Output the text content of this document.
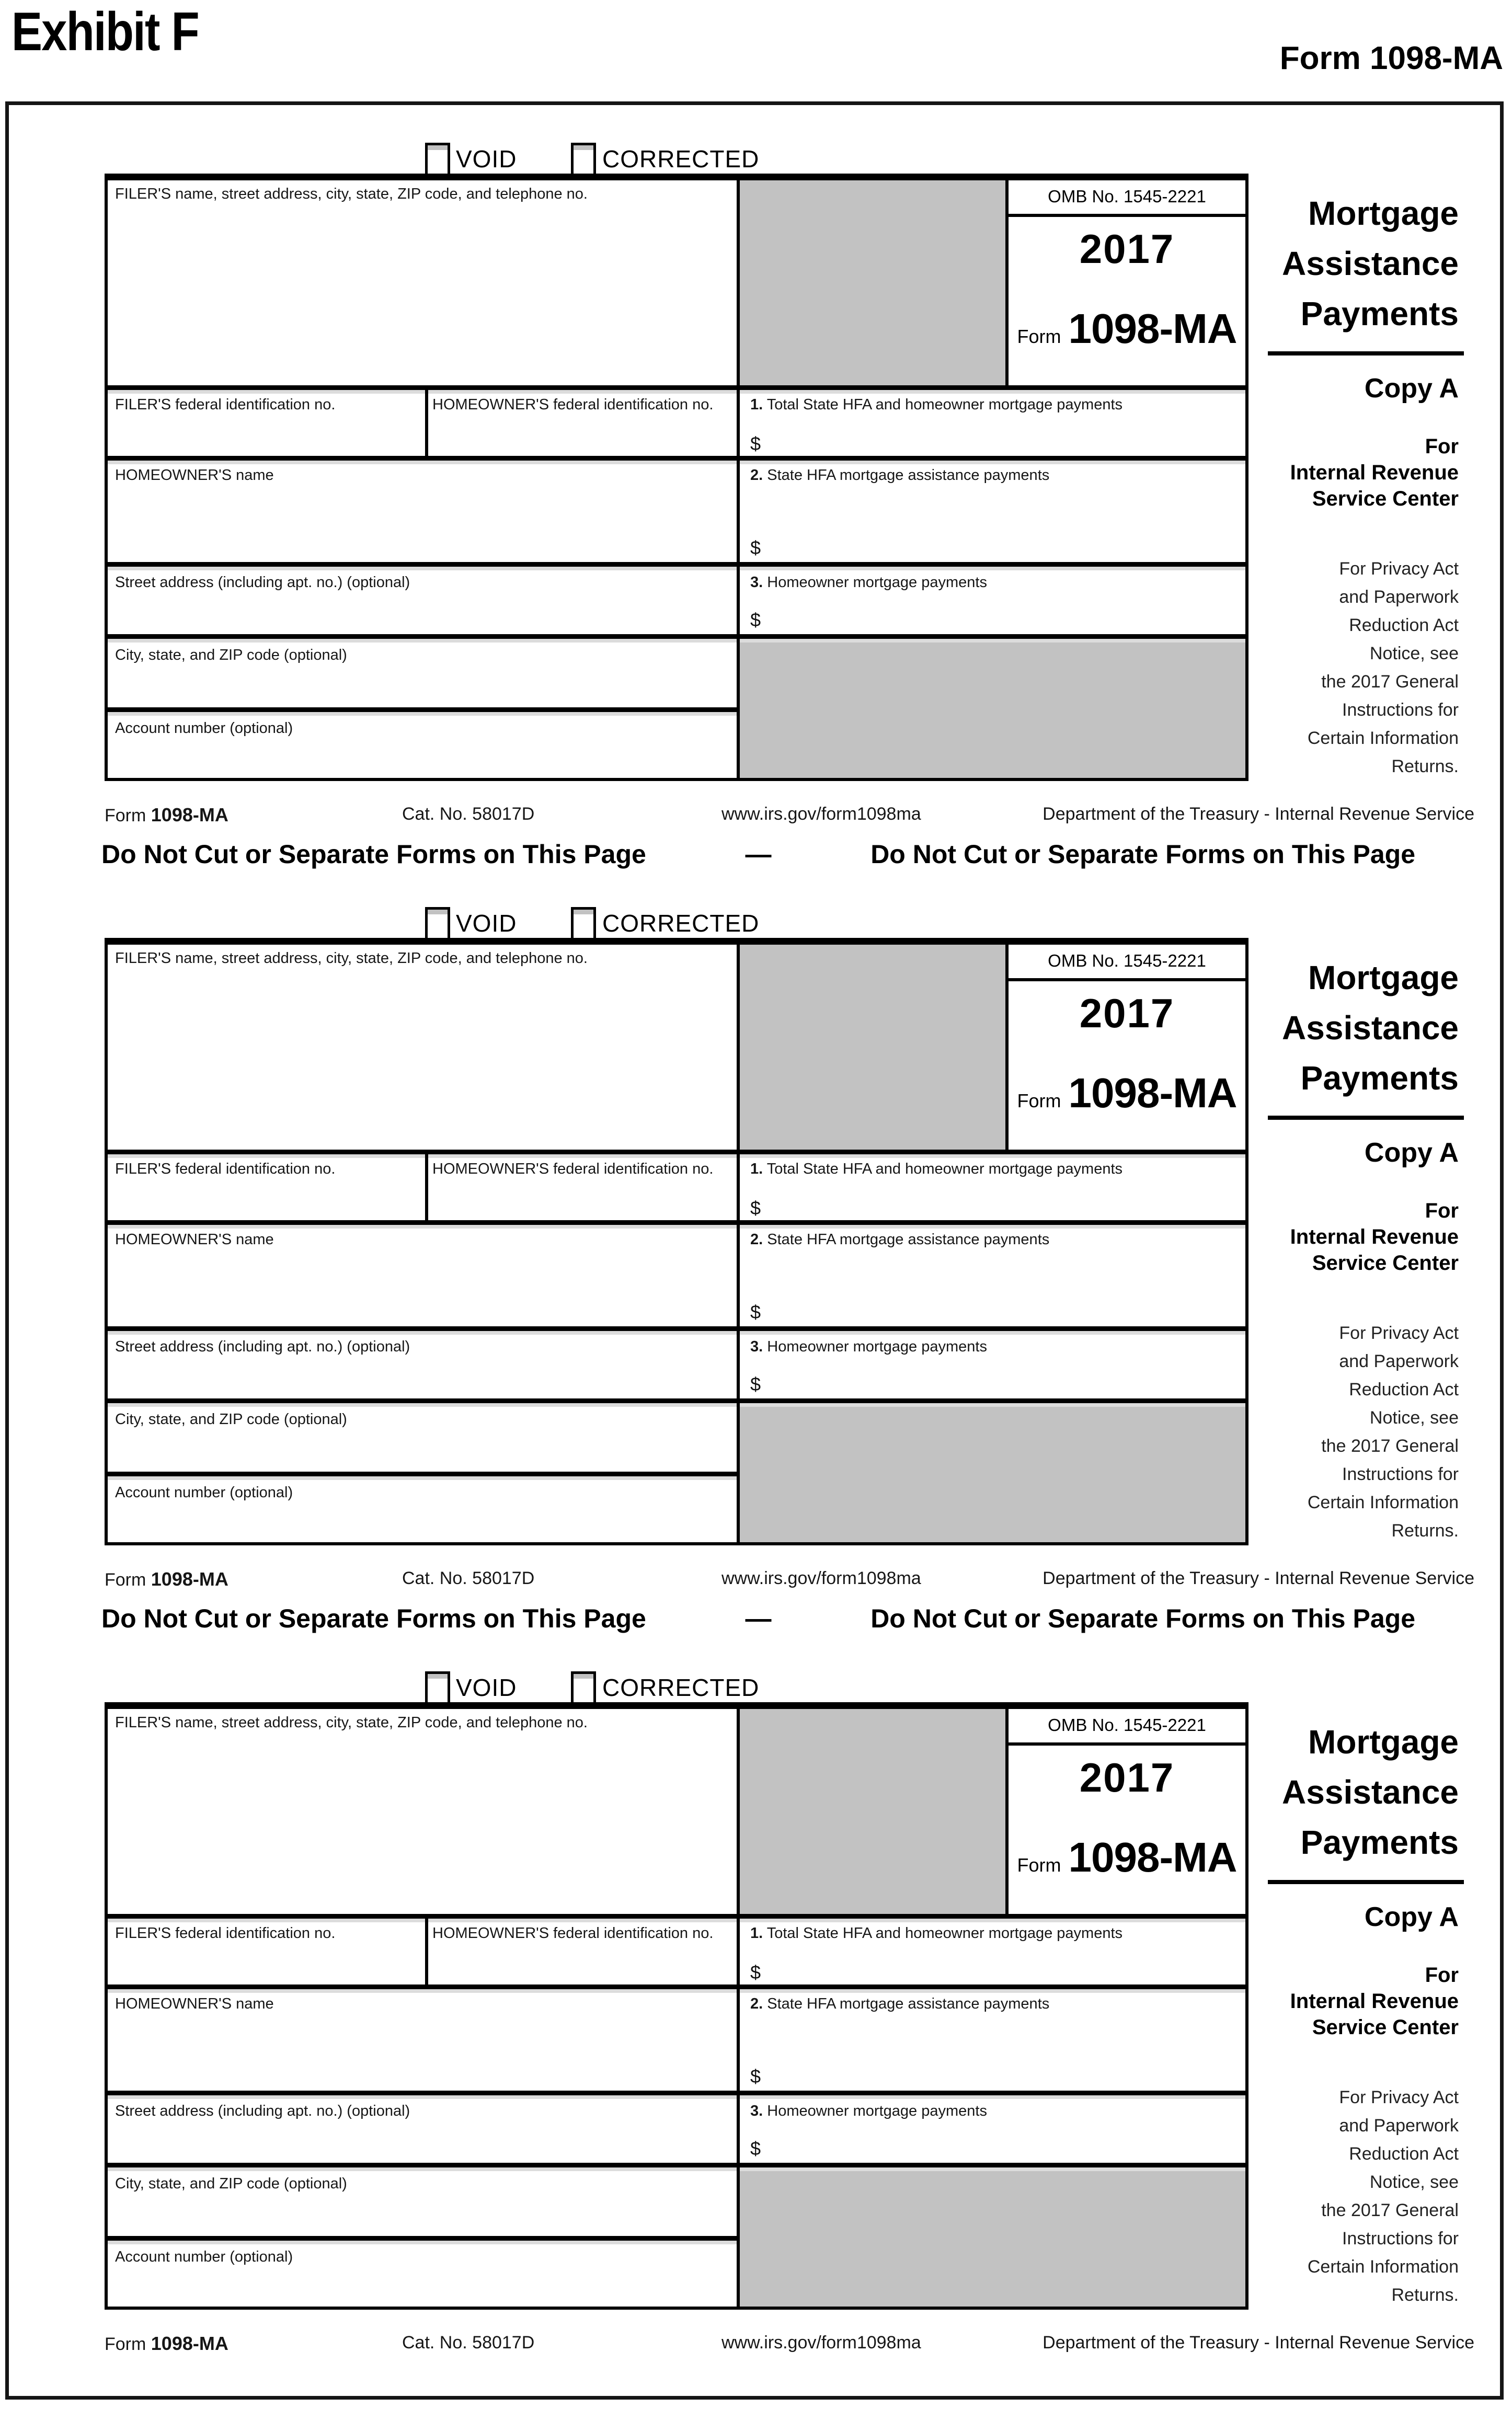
Exhibit F	Form 1098-MA
VOID	CORRECTED
FILER'S name, street address, city, state, ZIP code, and telephone no.
FILER'S federal identification no.	HOMEOWNER'S federal identification no.
HOMEOWNER'S name
Street address (including apt. no.) (optional)
City, state, and ZIP code (optional)
Account number (optional)
OMB No. 1545-2221
2017
Form 1098-MA
1. Total State HFA and homeowner mortgage payments
$
2. State HFA mortgage assistance payments
$
3. Homeowner mortgage payments
$
Mortgage
Assistance
Payments
Copy A
For
Internal Revenue
Service Center
For Privacy Act
and Paperwork
Reduction Act
Notice, see
the 2017 General
Instructions for
Certain Information
Returns.
Form 1098-MA	Cat. No. 58017D	www.irs.gov/form1098ma	Department of the Treasury - Internal Revenue Service
Do Not Cut or Separate Forms on This Page	—	Do Not Cut or Separate Forms on This Page
VOID	CORRECTED
FILER'S name, street address, city, state, ZIP code, and telephone no.
FILER'S federal identification no.	HOMEOWNER'S federal identification no.
HOMEOWNER'S name
Street address (including apt. no.) (optional)
City, state, and ZIP code (optional)
Account number (optional)
OMB No. 1545-2221
2017
Form 1098-MA
1. Total State HFA and homeowner mortgage payments
$
2. State HFA mortgage assistance payments
$
3. Homeowner mortgage payments
$
Mortgage
Assistance
Payments
Copy A
For
Internal Revenue
Service Center
For Privacy Act
and Paperwork
Reduction Act
Notice, see
the 2017 General
Instructions for
Certain Information
Returns.
Form 1098-MA	Cat. No. 58017D	www.irs.gov/form1098ma	Department of the Treasury - Internal Revenue Service
Do Not Cut or Separate Forms on This Page	—	Do Not Cut or Separate Forms on This Page
VOID	CORRECTED
FILER'S name, street address, city, state, ZIP code, and telephone no.
FILER'S federal identification no.	HOMEOWNER'S federal identification no.
HOMEOWNER'S name
Street address (including apt. no.) (optional)
City, state, and ZIP code (optional)
Account number (optional)
OMB No. 1545-2221
2017
Form 1098-MA
1. Total State HFA and homeowner mortgage payments
$
2. State HFA mortgage assistance payments
$
3. Homeowner mortgage payments
$
Mortgage
Assistance
Payments
Copy A
For
Internal Revenue
Service Center
For Privacy Act
and Paperwork
Reduction Act
Notice, see
the 2017 General
Instructions for
Certain Information
Returns.
Form 1098-MA	Cat. No. 58017D	www.irs.gov/form1098ma	Department of the Treasury - Internal Revenue Service
